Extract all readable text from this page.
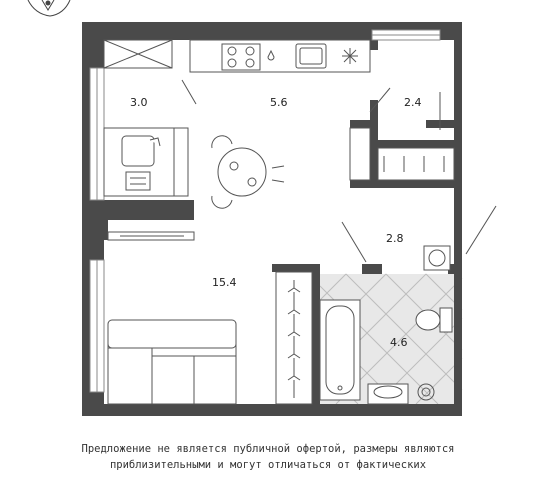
3.0	5.6	2.4
2.8
15.4
4.6
Предложение не является публичной офертой, размеры являются
приблизительными и могут отличаться от фактических
